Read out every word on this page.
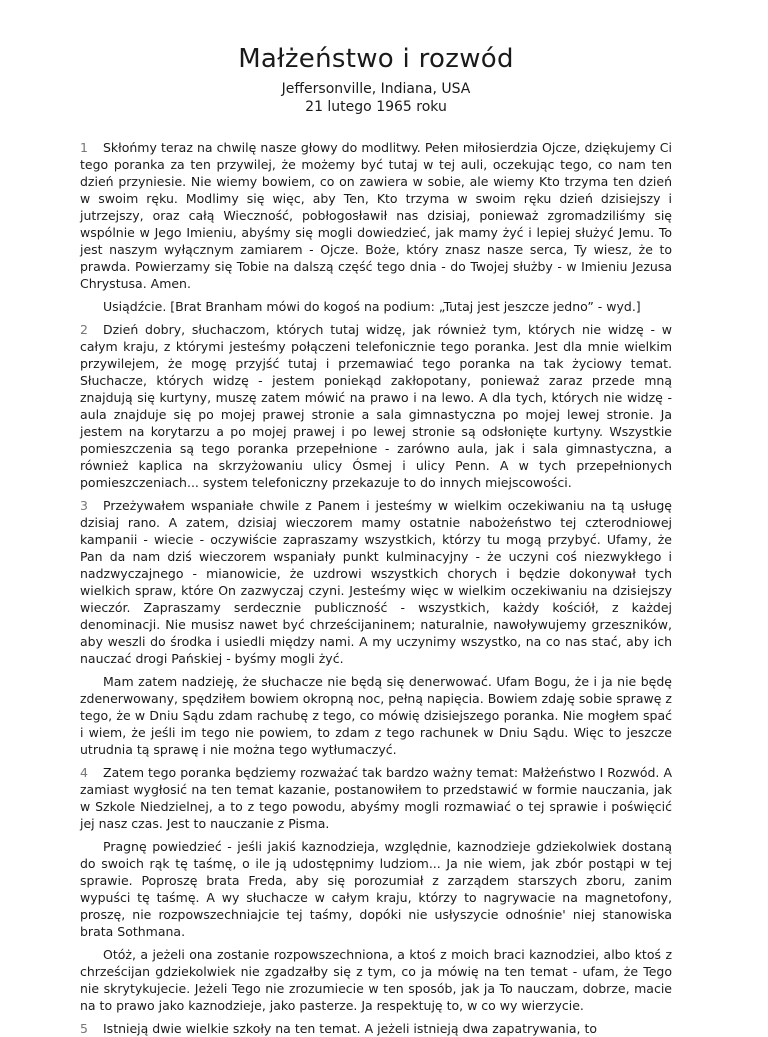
Małżeństwo i rozwód

Jeffersonville, Indiana, USA

21 lutego 1965 roku

1 Skłońmy teraz na chwilę nasze głowy do modlitwy. Pełen miłosierdzia Ojcze, dziękujemy Ci tego poranka za ten przywilej, że możemy być tutaj w tej auli, oczekując tego, co nam ten dzień przyniesie. Nie wiemy bowiem, co on zawiera w sobie, ale wiemy Kto trzyma ten dzień w swoim ręku. Modlimy się więc, aby Ten, Kto trzyma w swoim ręku dzień dzisiejszy i jutrzejszy, oraz całą Wieczność, pobłogosławił nas dzisiaj, ponieważ zgromadziliśmy się wspólnie w Jego Imieniu, abyśmy się mogli dowiedzieć, jak mamy żyć i lepiej służyć Jemu. To jest naszym wyłącznym zamiarem - Ojcze. Boże, który znasz nasze serca, Ty wiesz, że to prawda. Powierzamy się Tobie na dalszą część tego dnia - do Twojej służby - w Imieniu Jezusa Chrystusa. Amen.

Usiądźcie. [Brat Branham mówi do kogoś na podium: „Tutaj jest jeszcze jedno” - wyd.]

2 Dzień dobry, słuchaczom, których tutaj widzę, jak również tym, których nie widzę - w całym kraju, z którymi jesteśmy połączeni telefonicznie tego poranka. Jest dla mnie wielkim przywilejem, że mogę przyjść tutaj i przemawiać tego poranka na tak życiowy temat. Słuchacze, których widzę - jestem poniekąd zakłopotany, ponieważ zaraz przede mną znajdują się kurtyny, muszę zatem mówić na prawo i na lewo. A dla tych, których nie widzę - aula znajduje się po mojej prawej stronie a sala gimnastyczna po mojej lewej stronie. Ja jestem na korytarzu a po mojej prawej i po lewej stronie są odsłonięte kurtyny. Wszystkie pomieszczenia są tego poranka przepełnione - zarówno aula, jak i sala gimnastyczna, a również kaplica na skrzyżowaniu ulicy Ósmej i ulicy Penn. A w tych przepełnionych pomieszczeniach... system telefoniczny przekazuje to do innych miejscowości.

3 Przeżywałem wspaniałe chwile z Panem i jesteśmy w wielkim oczekiwaniu na tą usługę dzisiaj rano. A zatem, dzisiaj wieczorem mamy ostatnie nabożeństwo tej czterodniowej kampanii - wiecie - oczywiście zapraszamy wszystkich, którzy tu mogą przybyć. Ufamy, że Pan da nam dziś wieczorem wspaniały punkt kulminacyjny - że uczyni coś niezwykłego i nadzwyczajnego - mianowicie, że uzdrowi wszystkich chorych i będzie dokonywał tych wielkich spraw, które On zazwyczaj czyni. Jesteśmy więc w wielkim oczekiwaniu na dzisiejszy wieczór. Zapraszamy serdecznie publiczność - wszystkich, każdy kościół, z każdej denominacji. Nie musisz nawet być chrześcijaninem; naturalnie, nawoływujemy grzeszników, aby weszli do środka i usiedli między nami. A my uczynimy wszystko, na co nas stać, aby ich nauczać drogi Pańskiej - byśmy mogli żyć.

Mam zatem nadzieję, że słuchacze nie będą się denerwować. Ufam Bogu, że i ja nie będę zdenerwowany, spędziłem bowiem okropną noc, pełną napięcia. Bowiem zdaję sobie sprawę z tego, że w Dniu Sądu zdam rachubę z tego, co mówię dzisiejszego poranka. Nie mogłem spać i wiem, że jeśli im tego nie powiem, to zdam z tego rachunek w Dniu Sądu. Więc to jeszcze utrudnia tą sprawę i nie można tego wytłumaczyć.

4 Zatem tego poranka będziemy rozważać tak bardzo ważny temat: Małżeństwo I Rozwód. A zamiast wygłosić na ten temat kazanie, postanowiłem to przedstawić w formie nauczania, jak w Szkole Niedzielnej, a to z tego powodu, abyśmy mogli rozmawiać o tej sprawie i poświęcić jej nasz czas. Jest to nauczanie z Pisma.

Pragnę powiedzieć - jeśli jakiś kaznodzieja, względnie, kaznodzieje gdziekolwiek dostaną do swoich rąk tę taśmę, o ile ją udostępnimy ludziom... Ja nie wiem, jak zbór postąpi w tej sprawie. Poproszę brata Freda, aby się porozumiał z zarządem starszych zboru, zanim wypuści tę taśmę. A wy słuchacze w całym kraju, którzy to nagrywacie na magnetofony, proszę, nie rozpowszechniajcie tej taśmy, dopóki nie usłyszycie odnośnie' niej stanowiska brata Sothmana.

Otóż, a jeżeli ona zostanie rozpowszechniona, a ktoś z moich braci kaznodziei, albo ktoś z chrześcijan gdziekolwiek nie zgadzałby się z tym, co ja mówię na ten temat - ufam, że Tego nie skrytykujecie. Jeżeli Tego nie zrozumiecie w ten sposób, jak ja To nauczam, dobrze, macie na to prawo jako kaznodzieje, jako pasterze. Ja respektuję to, w co wy wierzycie.

5 Istnieją dwie wielkie szkoły na ten temat. A jeżeli istnieją dwa zapatrywania, to
